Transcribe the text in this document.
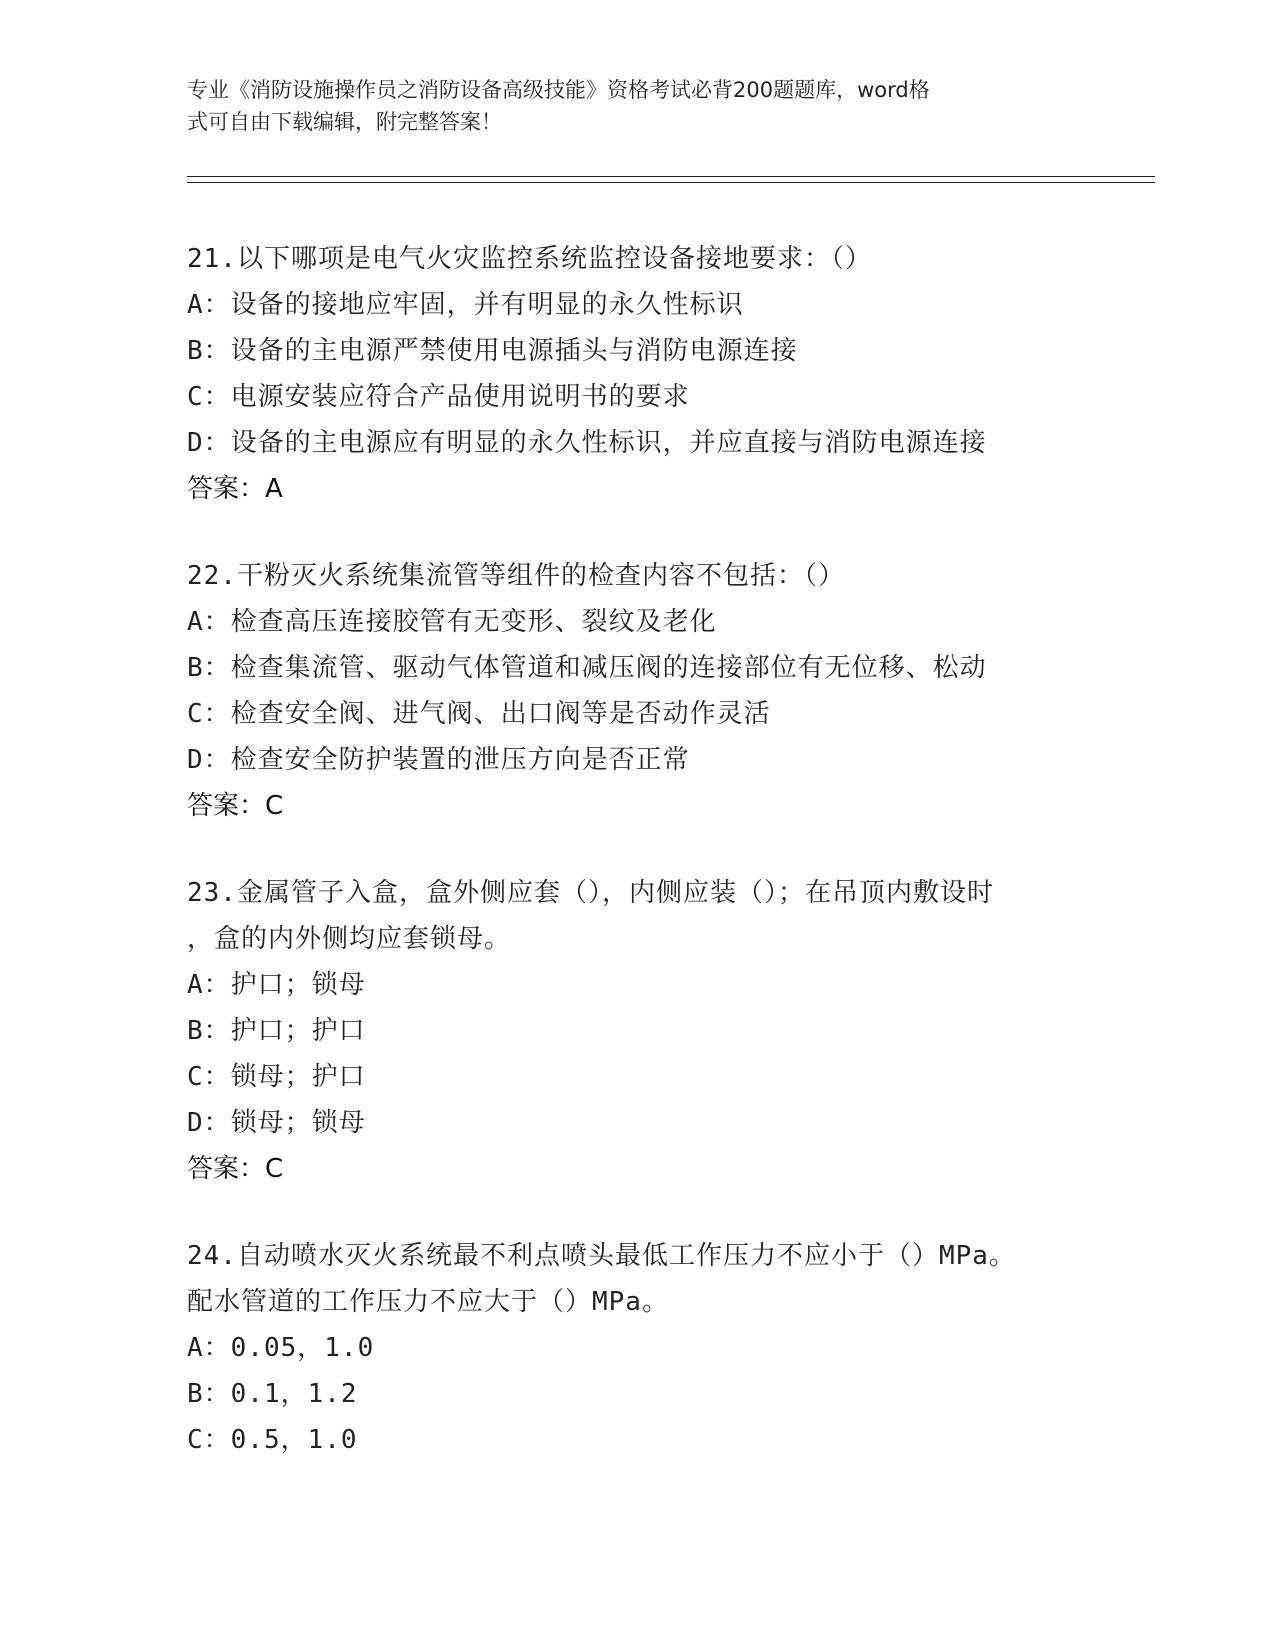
专业《消防设施操作员之消防设备高级技能》资格考试必背200题题库，word格
式可自由下载编辑，附完整答案！
21.以下哪项是电气火灾监控系统监控设备接地要求：（）
A：设备的接地应牢固，并有明显的永久性标识
B：设备的主电源严禁使用电源插头与消防电源连接
C：电源安装应符合产品使用说明书的要求
D：设备的主电源应有明显的永久性标识，并应直接与消防电源连接
答案：A
22.干粉灭火系统集流管等组件的检查内容不包括：（）
A：检查高压连接胶管有无变形、裂纹及老化
B：检查集流管、驱动气体管道和减压阀的连接部位有无位移、松动
C：检查安全阀、进气阀、出口阀等是否动作灵活
D：检查安全防护装置的泄压方向是否正常
答案：C
23.金属管子入盒，盒外侧应套（），内侧应装（）；在吊顶内敷设时
，盒的内外侧均应套锁母。
A：护口；锁母
B：护口；护口
C：锁母；护口
D：锁母；锁母
答案：C
24.自动喷水灭火系统最不利点喷头最低工作压力不应小于（）MPa。
配水管道的工作压力不应大于（）MPa。
A：0.05，1.0
B：0.1，1.2
C：0.5，1.0
